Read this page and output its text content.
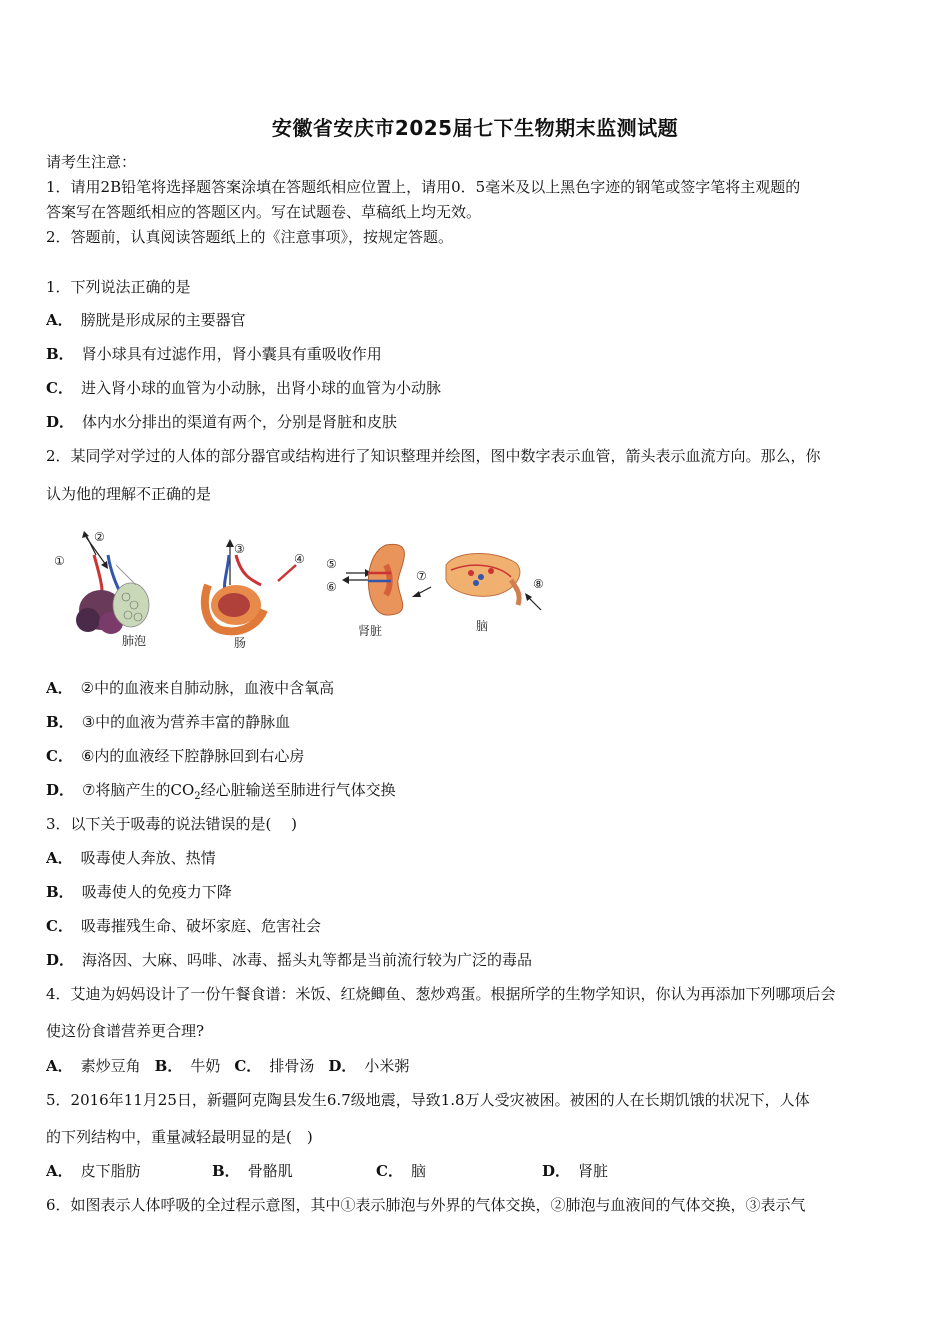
安徽省安庆市2025届七下生物期末监测试题
请考生注意：
1．请用2B铅笔将选择题答案涂填在答题纸相应位置上，请用0．5毫米及以上黑色字迹的钢笔或签字笔将主观题的
答案写在答题纸相应的答题区内。写在试题卷、草稿纸上均无效。
2．答题前，认真阅读答题纸上的《注意事项》，按规定答题。
1．下列说法正确的是
A． 膀胱是形成尿的主要器官
B． 肾小球具有过滤作用，肾小囊具有重吸收作用
C． 进入肾小球的血管为小动脉，出肾小球的血管为小动脉
D． 体内水分排出的渠道有两个，分别是肾脏和皮肤
2．某同学对学过的人体的部分器官或结构进行了知识整理并绘图，图中数字表示血管，箭头表示血流方向。那么，你
认为他的理解不正确的是
①
②
肺泡
③
④
肠
⑤
⑥
肾脏
⑦
⑧
脑
A． ②中的血液来自肺动脉，血液中含氧高
B． ③中的血液为营养丰富的静脉血
C． ⑥内的血液经下腔静脉回到右心房
D． ⑦将脑产生的$CO_2$经心脏输送至肺进行气体交换
3．以下关于吸毒的说法错误的是(　 )
A． 吸毒使人奔放、热情
B． 吸毒使人的免疫力下降
C． 吸毒摧残生命、破坏家庭、危害社会
D． 海洛因、大麻、吗啡、冰毒、摇头丸等都是当前流行较为广泛的毒品
4．艾迪为妈妈设计了一份午餐食谱：米饭、红烧鲫鱼、葱炒鸡蛋。根据所学的生物学知识，你认为再添加下列哪项后会
使这份食谱营养更合理?
A． 素炒豆角 B． 牛奶 C． 排骨汤 D． 小米粥
5．2016年11月25日，新疆阿克陶县发生6.7级地震，导致1.8万人受灾被困。被困的人在长期饥饿的状况下，人体
的下列结构中，重量减轻最明显的是(　)
A． 皮下脂肪	B． 骨骼肌	C． 脑	D． 肾脏
6．如图表示人体呼吸的全过程示意图，其中①表示肺泡与外界的气体交换，②肺泡与血液间的气体交换，③表示气
